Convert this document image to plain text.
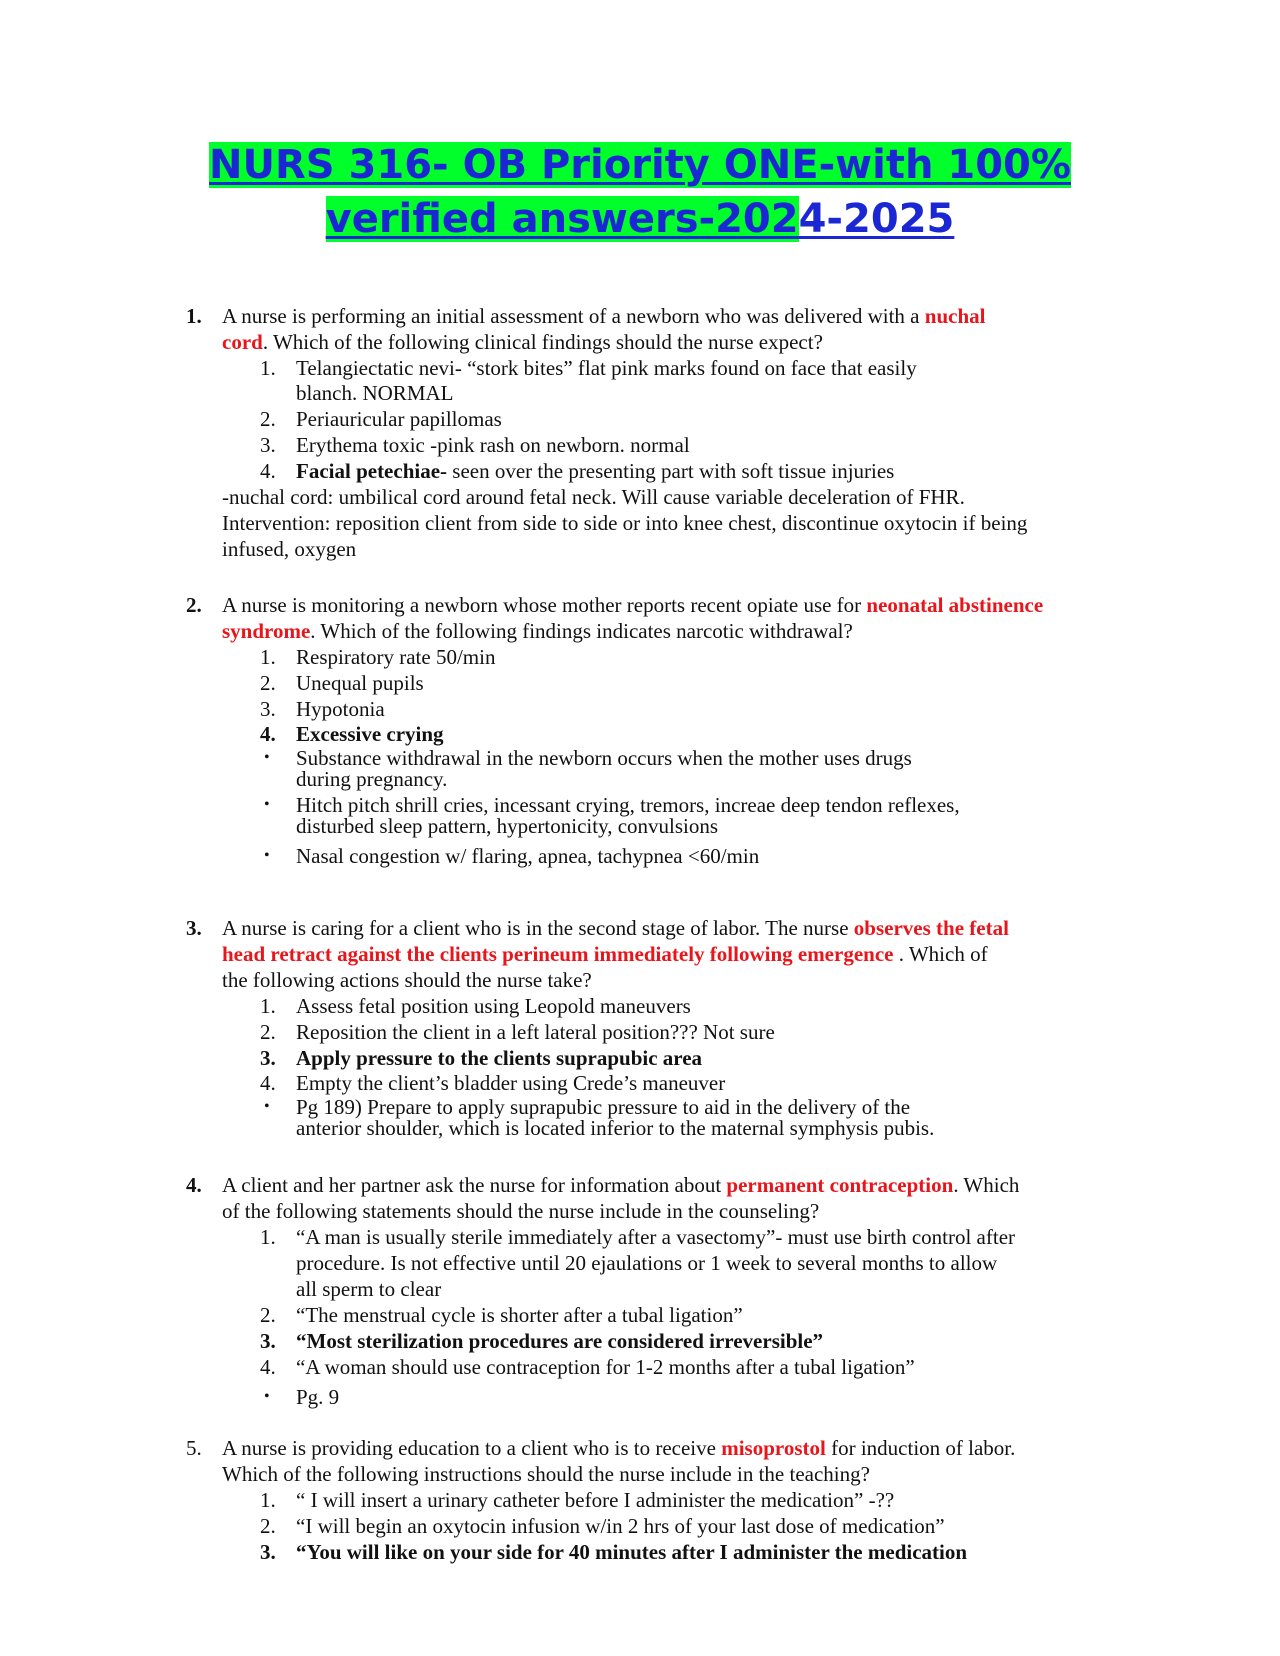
NURS 316- OB Priority ONE-with 100%
verified answers-2024-2025
1. A nurse is performing an initial assessment of a newborn who was delivered with a nuchal
cord. Which of the following clinical findings should the nurse expect?
1. Telangiectatic nevi- “stork bites” flat pink marks found on face that easily
blanch. NORMAL
2. Periauricular papillomas
3. Erythema toxic -pink rash on newborn. normal
4. Facial petechiae- seen over the presenting part with soft tissue injuries
-nuchal cord: umbilical cord around fetal neck. Will cause variable deceleration of FHR.
Intervention: reposition client from side to side or into knee chest, discontinue oxytocin if being
infused, oxygen
2. A nurse is monitoring a newborn whose mother reports recent opiate use for neonatal abstinence
syndrome. Which of the following findings indicates narcotic withdrawal?
1. Respiratory rate 50/min
2. Unequal pupils
3. Hypotonia
4. Excessive crying
• Substance withdrawal in the newborn occurs when the mother uses drugs
during pregnancy.
• Hitch pitch shrill cries, incessant crying, tremors, increae deep tendon reflexes,
disturbed sleep pattern, hypertonicity, convulsions
• Nasal congestion w/ flaring, apnea, tachypnea <60/min
3. A nurse is caring for a client who is in the second stage of labor. The nurse observes the fetal
head retract against the clients perineum immediately following emergence . Which of
the following actions should the nurse take?
1. Assess fetal position using Leopold maneuvers
2. Reposition the client in a left lateral position??? Not sure
3. Apply pressure to the clients suprapubic area
4. Empty the client’s bladder using Crede’s maneuver
• Pg 189) Prepare to apply suprapubic pressure to aid in the delivery of the
anterior shoulder, which is located inferior to the maternal symphysis pubis.
4. A client and her partner ask the nurse for information about permanent contraception. Which
of the following statements should the nurse include in the counseling?
1. “A man is usually sterile immediately after a vasectomy”- must use birth control after
procedure. Is not effective until 20 ejaulations or 1 week to several months to allow
all sperm to clear
2. “The menstrual cycle is shorter after a tubal ligation”
3. “Most sterilization procedures are considered irreversible”
4. “A woman should use contraception for 1-2 months after a tubal ligation”
• Pg. 9
5. A nurse is providing education to a client who is to receive misoprostol for induction of labor.
Which of the following instructions should the nurse include in the teaching?
1. “ I will insert a urinary catheter before I administer the medication” -??
2. “I will begin an oxytocin infusion w/in 2 hrs of your last dose of medication”
3. “You will like on your side for 40 minutes after I administer the medication
